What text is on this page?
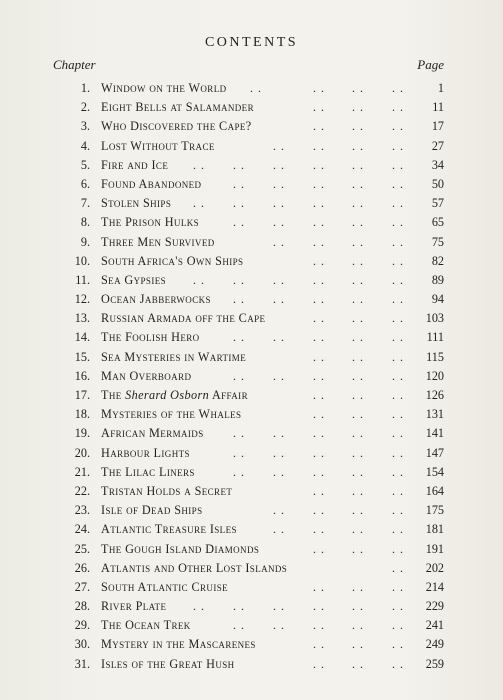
CONTENTS
Chapter	Page
1. Window on the World . .	. . . . . .	1
2. Eight Bells at Salamander	. . . . . . 11
3. Who Discovered the Cape?	. . . . . . 17
4. Lost Without Trace	. . . . . . . . 27
5. Fire and Ice . . . . . . . . . . . . 34
6. Found Abandoned	. . . . . . . . . . 50
7. Stolen Ships . . . . . . . . . . . . 57
8. The Prison Hulks	. . . . . . . . . . 65
9. Three Men Survived	. . . . . . . . 75
10. South Africa's Own Ships	. . . . . . 82
11. Sea Gypsies . . . . . . . . . . . . 89
12. Ocean Jabberwocks . . . . . . . . . . 94
13. Russian Armada off the Cape	. . . . . . 103
14. The Foolish Hero	. . . . . . . . . . 111
15. Sea Mysteries in Wartime	. . . . . . 115
16. Man Overboard	. . . . . . . . . . 120
17. The Sherard Osborn Affair	. . . . . . 126
18. Mysteries of the Whales	. . . . . . 131
19. African Mermaids . . . . . . . . . . 141
20. Harbour Lights	. . . . . . . . . . 147
21. The Lilac Liners	. . . . . . . . . . 154
22. Tristan Holds a Secret	. . . . . . 164
23. Isle of Dead Ships	. . . . . . . . 175
24. Atlantic Treasure Isles	. . . . . . . . 181
25. The Gough Island Diamonds	. . . . . . 191
26. Atlantis and Other Lost Islands	. . 202
27. South Atlantic Cruise	. . . . . . 214
28. River Plate . . . . . . . . . . . . 229
29. The Ocean Trek	. . . . . . . . . . 241
30. Mystery in the Mascarenes	. . . . . . 249
31. Isles of the Great Hush	. . . . . . 259
